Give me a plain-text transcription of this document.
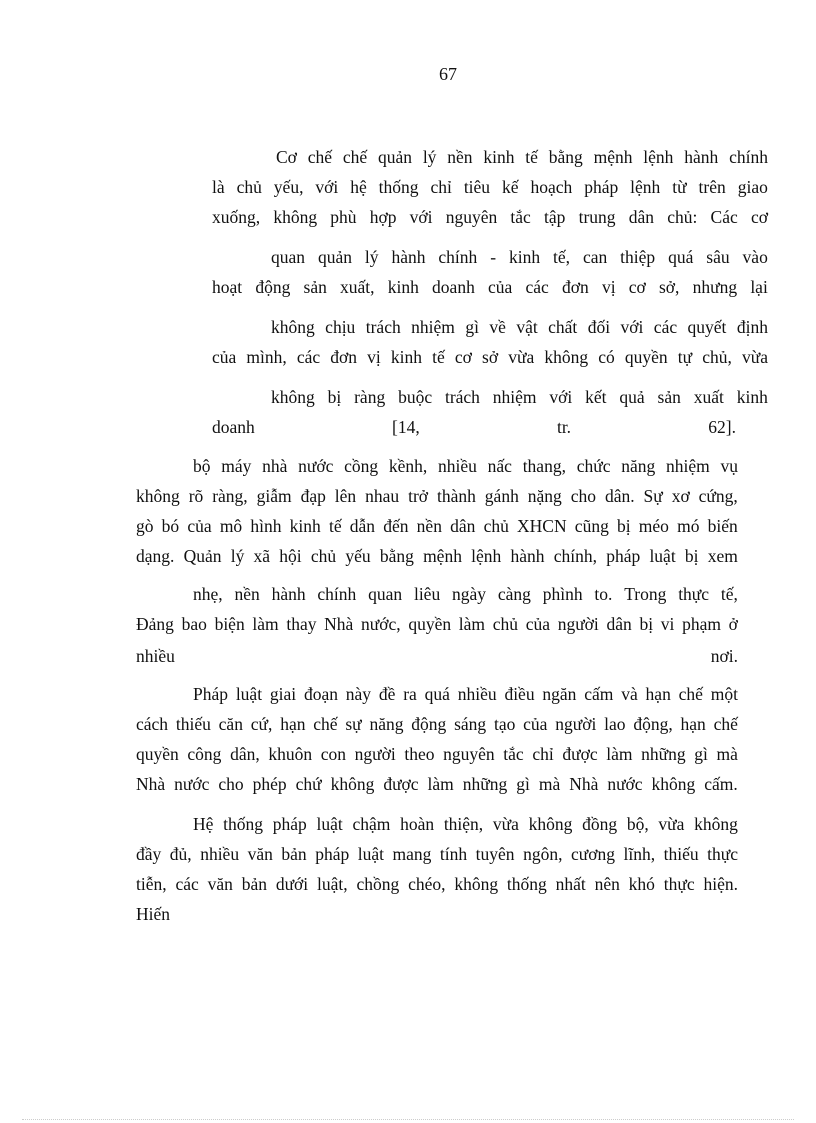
67
Cơ chế chế quản lý nền kinh tế bằng mệnh lệnh hành chính
là chủ yếu, với hệ thống chỉ tiêu kế hoạch pháp lệnh từ trên giao
xuống, không phù hợp với nguyên tắc tập trung dân chủ: Các cơ
quan quản lý hành chính - kinh tế, can thiệp quá sâu vào
hoạt động sản xuất, kinh doanh của các đơn vị cơ sở, nhưng lại
không chịu trách nhiệm gì về vật chất đối với các quyết định
của mình, các đơn vị kinh tế cơ sở vừa không có quyền tự chủ, vừa
không bị ràng buộc trách nhiệm với kết quả sản xuất kinh
doanh	[14,	tr.	62].
bộ máy nhà nước cồng kềnh, nhiều nấc thang, chức năng nhiệm vụ
không rõ ràng, giẫm đạp lên nhau trở thành gánh nặng cho dân. Sự xơ cứng,
gò bó của mô hình kinh tế dẫn đến nền dân chủ XHCN cũng bị méo mó biến
dạng. Quản lý xã hội chủ yếu bằng mệnh lệnh hành chính, pháp luật bị xem
nhẹ, nền hành chính quan liêu ngày càng phình to. Trong thực tế,
Đảng bao biện làm thay Nhà nước, quyền làm chủ của người dân bị vi phạm ở
nhiều	nơi.
Pháp luật giai đoạn này đề ra quá nhiều điều ngăn cấm và hạn chế một
cách thiếu căn cứ, hạn chế sự năng động sáng tạo của người lao động, hạn chế
quyền công dân, khuôn con người theo nguyên tắc chỉ được làm những gì mà
Nhà nước cho phép chứ không được làm những gì mà Nhà nước không cấm.
Hệ thống pháp luật chậm hoàn thiện, vừa không đồng bộ, vừa không
đầy đủ, nhiều văn bản pháp luật mang tính tuyên ngôn, cương lĩnh, thiếu thực
tiễn, các văn bản dưới luật, chồng chéo, không thống nhất nên khó thực hiện.
Hiến
